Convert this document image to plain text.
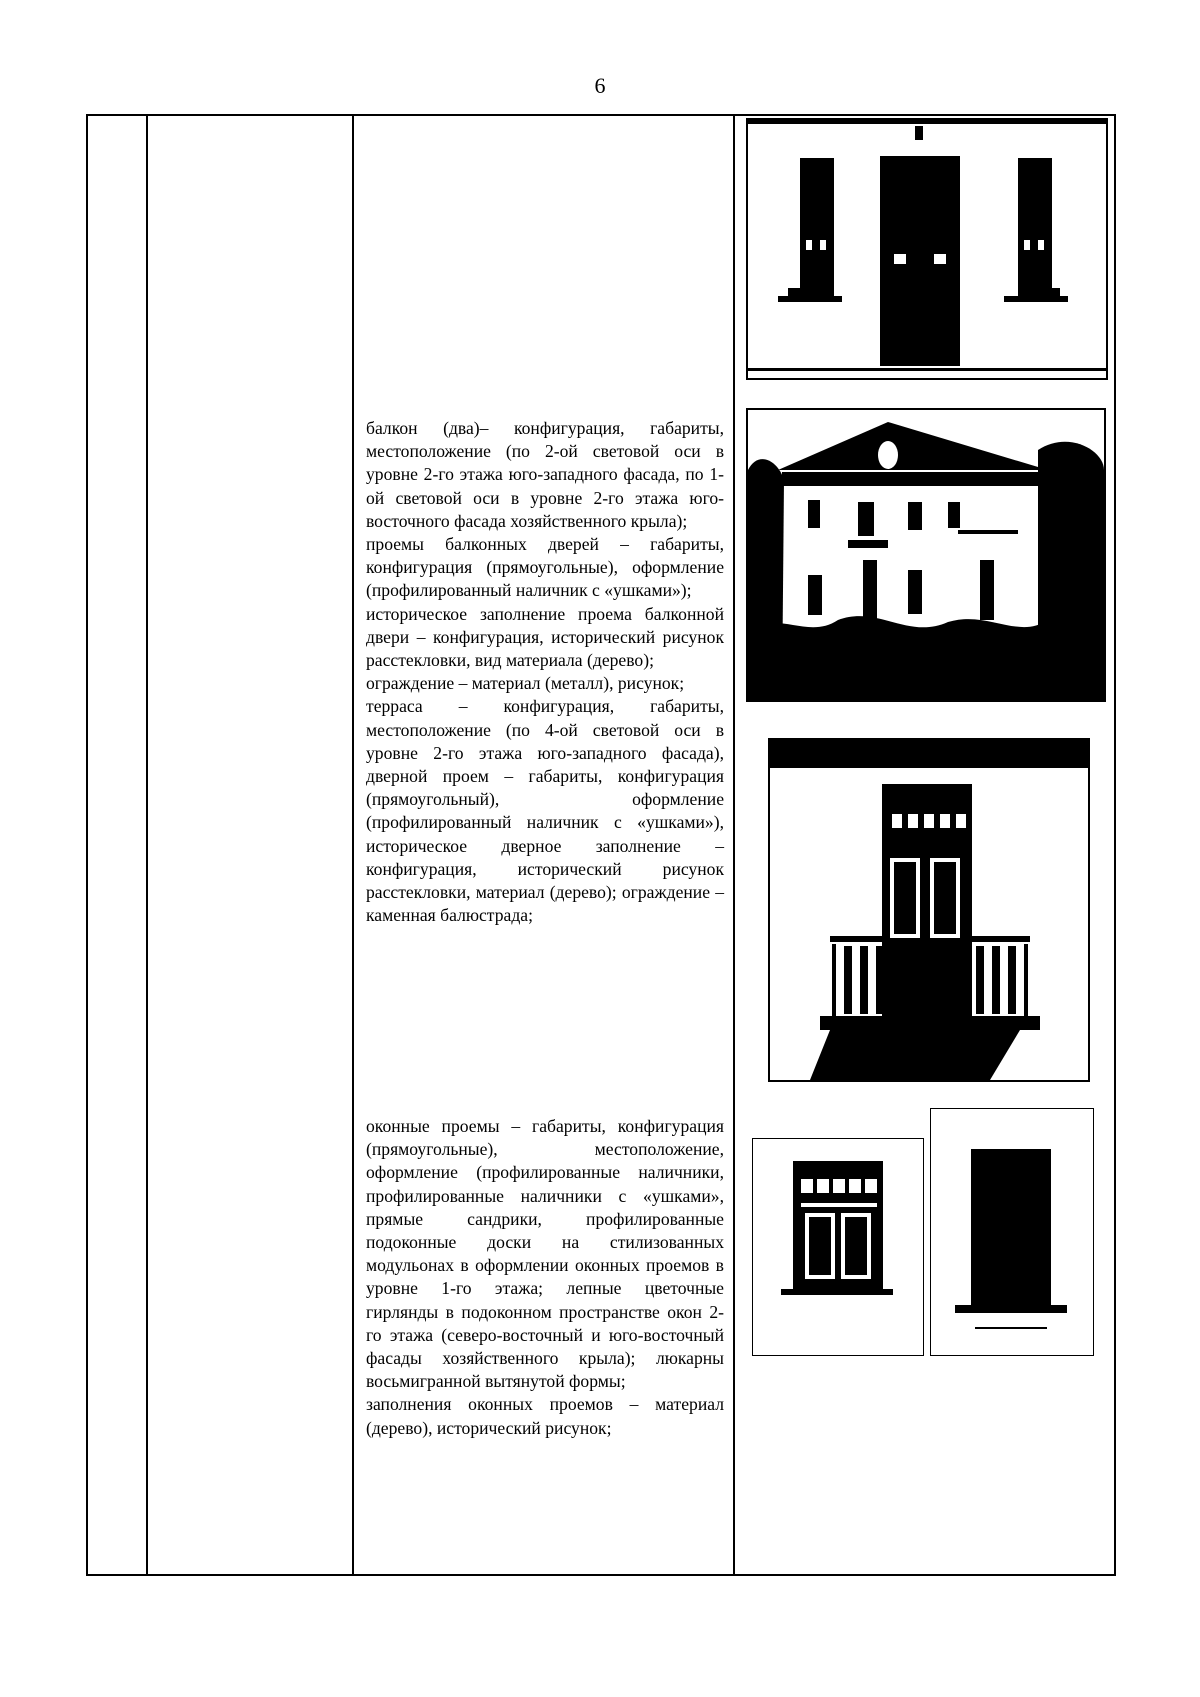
6

балкон (два)– конфигурация, габариты, местоположение (по 2-ой световой оси в уровне 2-го этажа юго-западного фасада, по 1-ой световой оси в уровне 2-го этажа юго-восточного фасада хозяйственного крыла);

проемы балконных дверей – габариты, конфигурация (прямоугольные), оформление (профилированный наличник с «ушками»);

историческое заполнение проема балконной двери – конфигурация, исторический рисунок расстекловки, вид материала (дерево);

ограждение – материал (металл), рисунок;

терраса – конфигурация, габариты, местоположение (по 4-ой световой оси в уровне 2-го этажа юго-западного фасада), дверной проем – габариты, конфигурация (прямоугольный), оформление (профилированный наличник с «ушками»), историческое дверное заполнение – конфигурация, исторический рисунок расстекловки, материал (дерево); ограждение – каменная балюстрада;

оконные проемы – габариты, конфигурация (прямоугольные), местоположение, оформление (профилированные наличники, профилированные наличники с «ушками», прямые сандрики, профилированные подоконные доски на стилизованных модульонах в оформлении оконных проемов в уровне 1-го этажа; лепные цветочные гирлянды в подоконном пространстве окон 2-го этажа (северо-восточный и юго-восточный фасады хозяйственного крыла); люкарны восьмигранной вытянутой формы;

заполнения оконных проемов – материал (дерево), исторический рисунок;
